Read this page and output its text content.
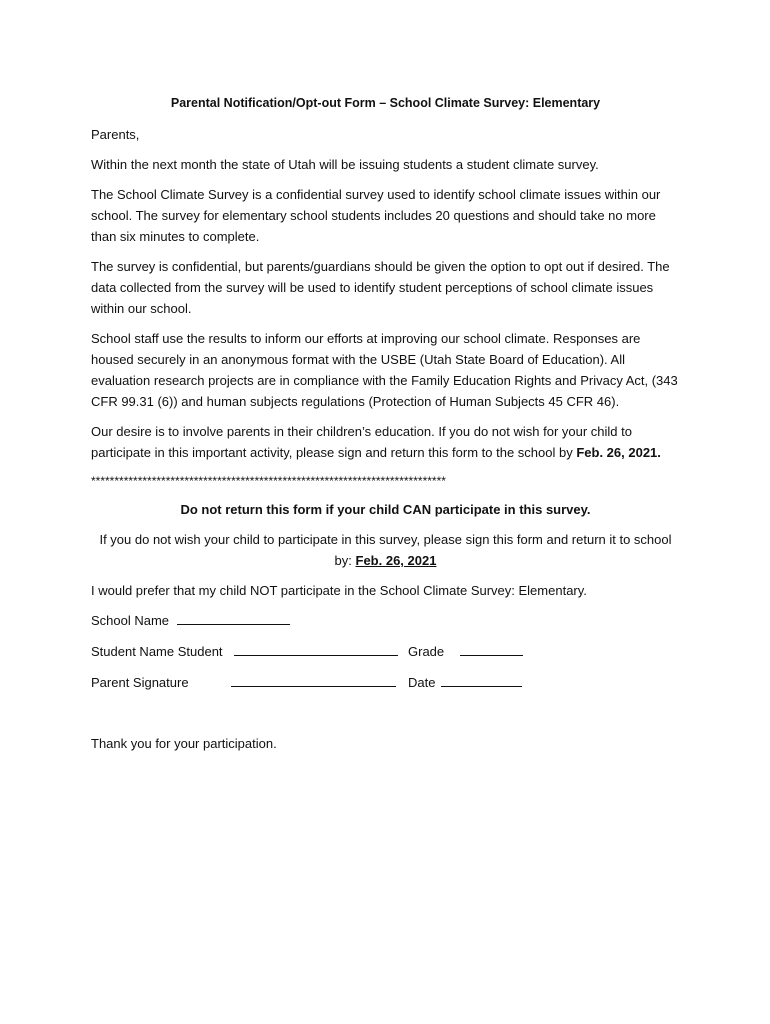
Parental Notification/Opt-out Form – School Climate Survey: Elementary

Parents,

Within the next month the state of Utah will be issuing students a student climate survey.

The School Climate Survey is a confidential survey used to identify school climate issues within our school. The survey for elementary school students includes 20 questions and should take no more than six minutes to complete.

The survey is confidential, but parents/guardians should be given the option to opt out if desired. The data collected from the survey will be used to identify student perceptions of school climate issues within our school.

School staff use the results to inform our efforts at improving our school climate. Responses are housed securely in an anonymous format with the USBE (Utah State Board of Education). All evaluation research projects are in compliance with the Family Education Rights and Privacy Act, (343 CFR 99.31 (6)) and human subjects regulations (Protection of Human Subjects 45 CFR 46).

Our desire is to involve parents in their children’s education. If you do not wish for your child to participate in this important activity, please sign and return this form to the school by Feb. 26, 2021.

****************************************************************************

Do not return this form if your child CAN participate in this survey.

If you do not wish your child to participate in this survey, please sign this form and return it to school by: Feb. 26, 2021

I would prefer that my child NOT participate in the School Climate Survey: Elementary.

School Name
Student Name Student	Grade
Parent Signature	Date

Thank you for your participation.
